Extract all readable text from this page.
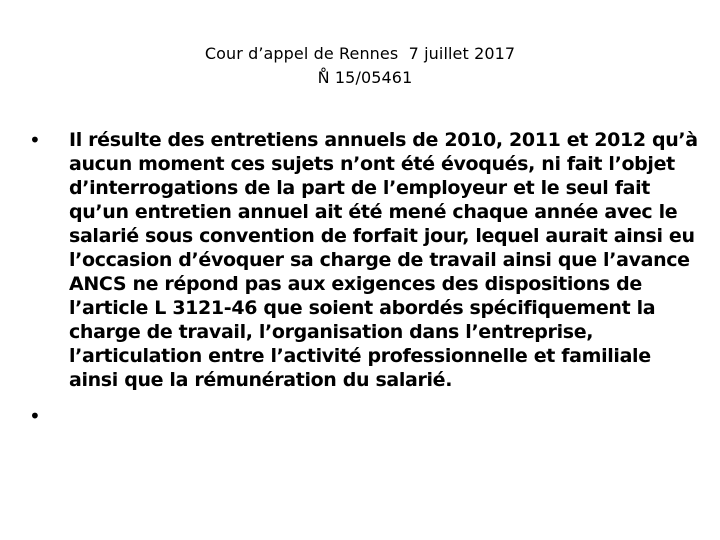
Cour d’appel de Rennes  7 juillet 2017
N̊ 15/05461
• Il résulte des entretiens annuels de 2010, 2011 et 2012 qu’à aucun moment ces sujets n’ont été évoqués, ni fait l’objet d’interrogations de la part de l’employeur et le seul fait qu’un entretien annuel ait été mené chaque année avec le salarié sous convention de forfait jour, lequel aurait ainsi eu l’occasion d’évoquer sa charge de travail ainsi que l’avance ANCS ne répond pas aux exigences des dispositions de l’article L 3121-46 que soient abordés spécifiquement la charge de travail, l’organisation dans l’entreprise, l’articulation entre l’activité professionnelle et familiale ainsi que la rémunération du salarié.
•
